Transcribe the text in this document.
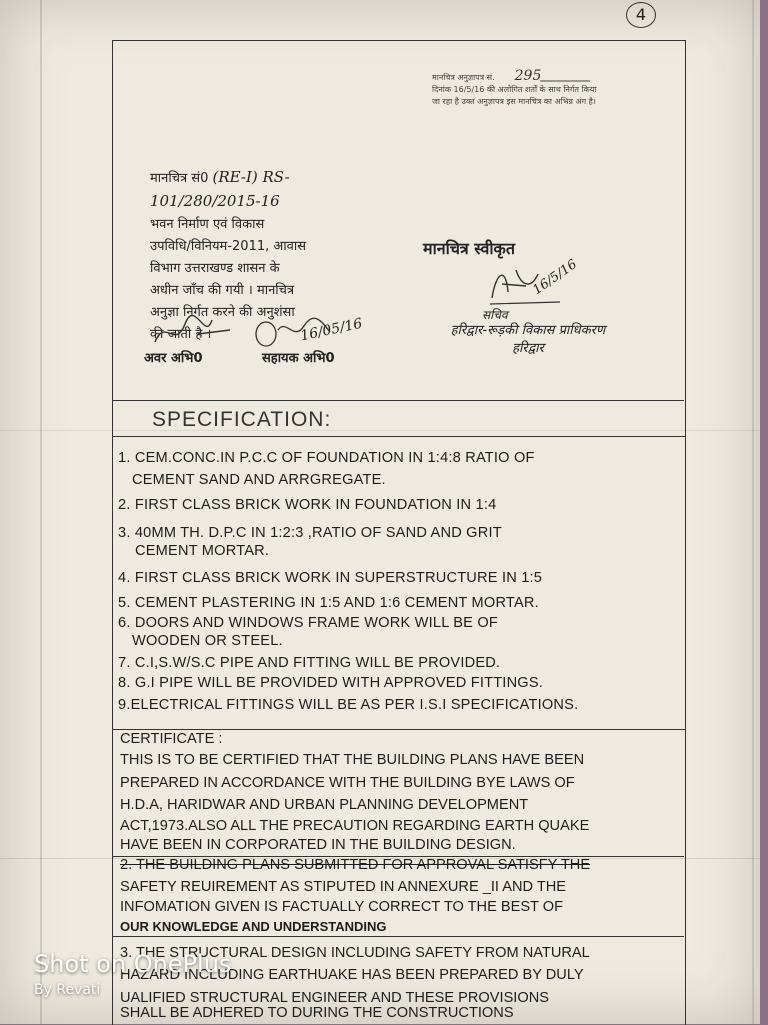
4
मानचित्र अनुज्ञापत्र सं. 295
दिनांक 16/5/16 की अलोगित शर्तों के साथ निर्गत किया
जा रहा है उक्त अनुज्ञापत्र इस मानचित्र का अभिन्न अंग है।
मानचित्र सं0 (RE-I) RS-101/280/2015-16
भवन निर्माण एवं विकास
उपविधि/विनियम-2011, आवास
विभाग उत्तराखण्ड शासन के
अधीन जाँच की गयी । मानचित्र
अनुज्ञा निर्गत करने की अनुशंसा
की जाती है ।
अवर अभि0
16/05/16
सहायक अभि0
मानचित्र स्वीकृत
16/5/16
सचिव
हरिद्वार-रूड़की विकास प्राधिकरण
हरिद्वार
SPECIFICATION:
1. CEM.CONC.IN P.C.C OF FOUNDATION IN 1:4:8 RATIO OF
CEMENT SAND AND ARRGREGATE.
2. FIRST CLASS BRICK WORK IN FOUNDATION IN 1:4
3. 40MM TH. D.P.C IN 1:2:3 ,RATIO OF SAND AND GRIT
CEMENT MORTAR.
4. FIRST CLASS BRICK WORK IN SUPERSTRUCTURE IN 1:5
5. CEMENT PLASTERING IN 1:5 AND 1:6 CEMENT MORTAR.
6. DOORS AND WINDOWS FRAME WORK WILL BE OF
WOODEN OR STEEL.
7. C.I,S.W/S.C PIPE AND FITTING WILL BE PROVIDED.
8. G.I PIPE WILL BE PROVIDED WITH APPROVED FITTINGS.
9.ELECTRICAL FITTINGS WILL BE AS PER I.S.I SPECIFICATIONS.
CERTIFICATE :
THIS IS TO BE CERTIFIED THAT THE BUILDING PLANS HAVE BEEN
PREPARED IN ACCORDANCE WITH THE BUILDING BYE LAWS OF
H.D.A, HARIDWAR AND URBAN PLANNING DEVELOPMENT
ACT,1973.ALSO ALL THE PRECAUTION REGARDING EARTH QUAKE
HAVE BEEN IN CORPORATED IN THE BUILDING DESIGN.
2. THE BUILDING PLANS SUBMITTED FOR APPROVAL SATISFY THE
SAFETY REUIREMENT AS STIPUTED IN ANNEXURE _II AND THE
INFOMATION GIVEN IS FACTUALLY CORRECT TO THE BEST OF
OUR KNOWLEDGE AND UNDERSTANDING
3. THE STRUCTURAL DESIGN INCLUDING SAFETY FROM NATURAL
HAZARD INCLUDING EARTHUAKE HAS BEEN PREPARED BY DULY
UALIFIED STRUCTURAL ENGINEER AND THESE PROVISIONS
SHALL BE ADHERED TO DURING THE CONSTRUCTIONS
Shot on OnePlus
By Revati
